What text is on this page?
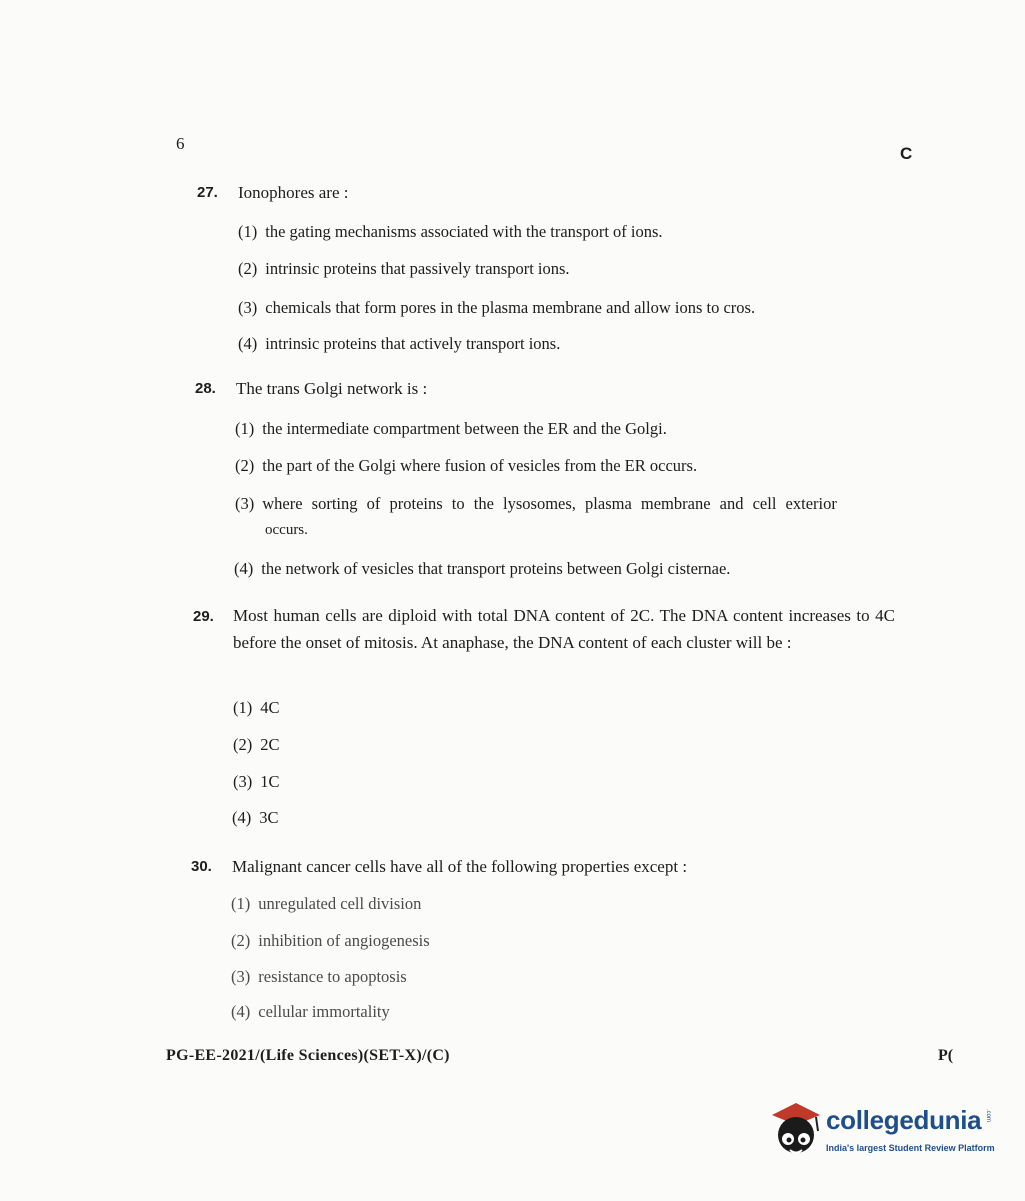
6
C
27. Ionophores are :
(1) the gating mechanisms associated with the transport of ions.
(2) intrinsic proteins that passively transport ions.
(3) chemicals that form pores in the plasma membrane and allow ions to cros.
(4) intrinsic proteins that actively transport ions.
28. The trans Golgi network is :
(1) the intermediate compartment between the ER and the Golgi.
(2) the part of the Golgi where fusion of vesicles from the ER occurs.
(3) where sorting of proteins to the lysosomes, plasma membrane and cell exterior
occurs.
(4) the network of vesicles that transport proteins between Golgi cisternae.
29. Most human cells are diploid with total DNA content of 2C. The DNA content increases to 4C before the onset of mitosis. At anaphase, the DNA content of each cluster will be :
(1) 4C
(2) 2C
(3) 1C
(4) 3C
30. Malignant cancer cells have all of the following properties except :
(1) unregulated cell division
(2) inhibition of angiogenesis
(3) resistance to apoptosis
(4) cellular immortality
PG-EE-2021/(Life Sciences)(SET-X)/(C)	P(
collegedunia .com
India's largest Student Review Platform
